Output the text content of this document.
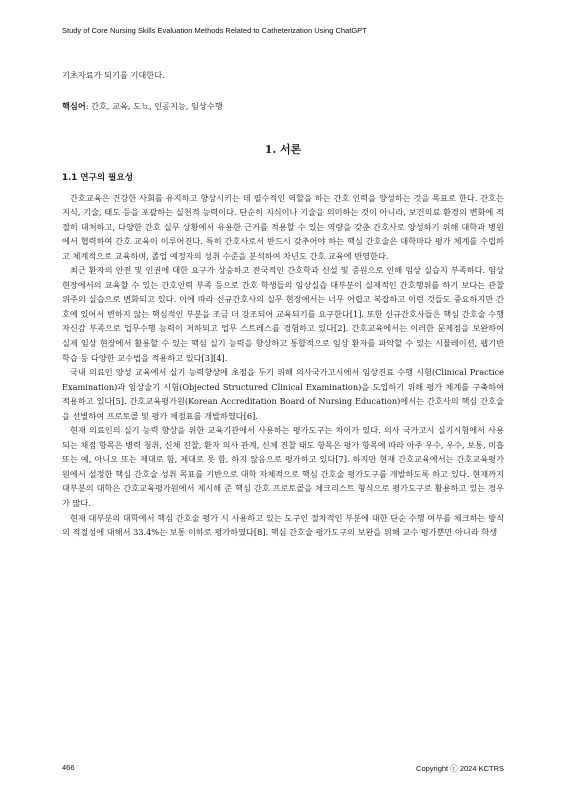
Study of Core Nursing Skills Evaluation Methods Related to Catheterization Using ChatGPT

기초자료가 되기를 기대한다.

핵심어: 간호, 교육, 도뇨, 인공지능, 임상수행
1. 서론
1.1 연구의 필요성

간호교육은 건강한 사회를 유지하고 향상시키는 데 필수적인 역할을 하는 간호 인력을 양성하는 것을 목표로 한다. 간호는 지식, 기술, 태도 등을 포괄하는 실천적 능력이다. 단순히 지식이나 기술을 의미하는 것이 아니라, 보건의료 환경의 변화에 적절히 대처하고, 다양한 간호 실무 상황에서 유용한 근거를 적용할 수 있는 역량을 갖춘 간호사로 양성하기 위해 대학과 병원에서 협력하여 간호 교육이 이루어진다. 특히 간호사로서 반드시 갖추어야 하는 핵심 간호술은 대학마다 평가 체계를 수립하고 체계적으로 교육하며, 졸업 예정자의 성취 수준을 분석하여 차년도 간호 교육에 반영한다.

최근 환자의 안전 및 인권에 대한 요구가 상승하고 전국적인 간호학과 신설 및 증원으로 인해 임상 실습지 부족하다. 임상 현장에서의 교육할 수 있는 간호인력 부족 등으로 간호 학생들의 임상실습 대부분이 실제적인 간호행위를 하기 보다는 관찰 위주의 실습으로 변화되고 있다. 이에 따라 신규간호사의 실무 현장에서는 너무 어렵고 복잡하고 이런 것들도 중요하지만 간호에 있어서 변하지 않는 핵심적인 부분을 조금 더 강조되어 교육되기를 요구한다[1]. 또한 신규간호사들은 핵심 간호술 수행자신감 부족으로 업무수행 능력이 저하되고 업무 스트레스를 경험하고 있다[2]. 간호교육에서는 이러한 문제점을 보완하여 실제 임상 현장에서 활용할 수 있는 핵심 실기 능력을 향상하고 통합적으로 임상 환자를 파악할 수 있는 시뮬레이션, 웹기반학습 등 다양한 교수법을 적용하고 있다[3][4].

국내 의료인 양성 교육에서 실기 능력향상에 초점을 두기 위해 의사국가고시에서 임상진료 수행 시험(Clinical Practice Examination)과 임상술기 시험(Objected Structured Clinical Examination)을 도입하기 위해 평가 체계를 구축하여 적용하고 있다[5]. 간호교육평가원(Korean Accreditation Board of Nursing Education)에서는 간호사의 핵심 간호술을 선별하여 프로토콜 및 평가 체점표를 개발하였다[6].

현재 의료인의 실기 능력 향상을 위한 교육기관에서 사용하는 평가도구는 차이가 있다. 의사 국가고시 실기시험에서 사용되는 채점 항목은 병력 청취, 신체 진찰, 환자 의사 관계, 신체 진찰 태도 항목은 평가 항목에 따라 아주 우수, 우수, 보통, 미흡 또는 예, 아니오 또는 제대로 함, 제대로 못 함, 하지 않음으로 평가하고 있다[7]. 하지만 현재 간호교육에서는 간호교육평가원에서 설정한 핵심 간호술 성취 목표를 기반으로 대학 자체적으로 핵심 간호술 평가도구를 개발하도록 하고 있다. 현재까지 대부분의 대학은 간호교육평가원에서 제시해 준 핵심 간호 프로토콜을 체크리스트 형식으로 평가도구로 활용하고 있는 경우가 많다.

현재 대부분의 대학에서 핵심 간호술 평가 시 사용하고 있는 도구인 절차적인 부분에 대한 단순 수행 여부를 체크하는 방식의 적절성에 대해서 33.4%는 보통 이하로 평가하였다[8]. 핵심 간호술 평가도구의 보완을 위해 교수 평가뿐만 아니라 학생

466	Copyright ⓒ 2024 KCTRS
